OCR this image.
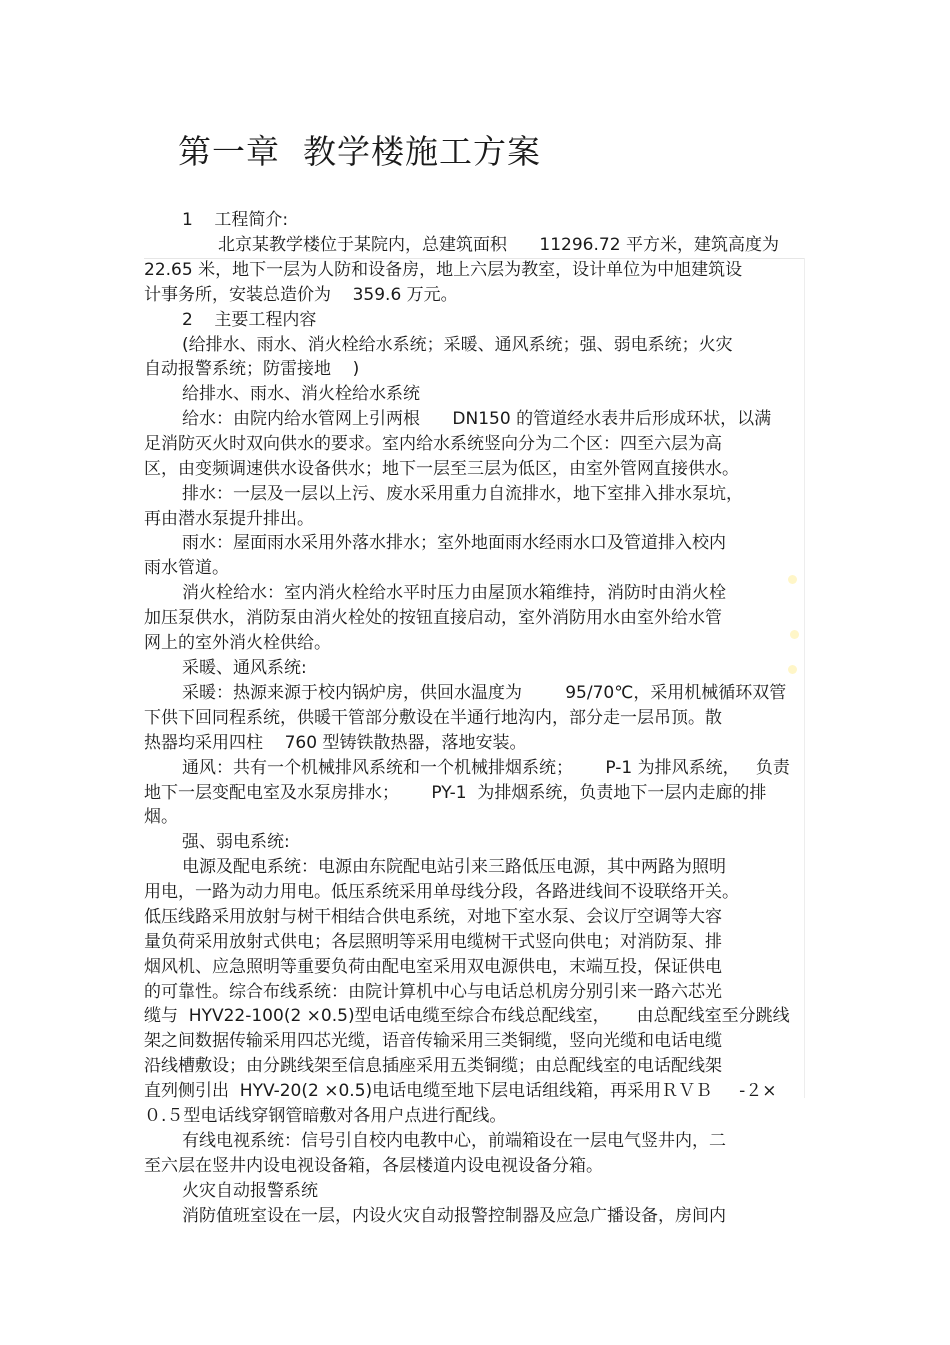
第一章  教学楼施工方案
1    工程简介:
北京某教学楼位于某院内，总建筑面积      11296.72 平方米，建筑高度为
22.65 米，地下一层为人防和设备房，地上六层为教室，设计单位为中旭建筑设
计事务所，安装总造价为    359.6 万元。
2    主要工程内容
(给排水、雨水、消火栓给水系统；采暖、通风系统；强、弱电系统；火灾
自动报警系统；防雷接地    )
给排水、雨水、消火栓给水系统
给水：由院内给水管网上引两根      DN150 的管道经水表井后形成环状，以满
足消防灭火时双向供水的要求。室内给水系统竖向分为二个区：四至六层为高
区，由变频调速供水设备供水；地下一层至三层为低区，由室外管网直接供水。
排水：一层及一层以上污、废水采用重力自流排水，地下室排入排水泵坑，
再由潜水泵提升排出。
雨水：屋面雨水采用外落水排水；室外地面雨水经雨水口及管道排入校内
雨水管道。
消火栓给水：室内消火栓给水平时压力由屋顶水箱维持，消防时由消火栓
加压泵供水，消防泵由消火栓处的按钮直接启动，室外消防用水由室外给水管
网上的室外消火栓供给。
采暖、通风系统:
采暖：热源来源于校内锅炉房，供回水温度为        95/70℃，采用机械循环双管
下供下回同程系统，供暖干管部分敷设在半通行地沟内，部分走一层吊顶。散
热器均采用四柱    760 型铸铁散热器，落地安装。
通风：共有一个机械排风系统和一个机械排烟系统；      P-1 为排风系统，   负责
地下一层变配电室及水泵房排水；      PY-1  为排烟系统，负责地下一层内走廊的排
烟。
强、弱电系统:
电源及配电系统：电源由东院配电站引来三路低压电源，其中两路为照明
用电，一路为动力用电。低压系统采用单母线分段，各路进线间不设联络开关。
低压线路采用放射与树干相结合供电系统，对地下室水泵、会议厅空调等大容
量负荷采用放射式供电；各层照明等采用电缆树干式竖向供电；对消防泵、排
烟风机、应急照明等重要负荷由配电室采用双电源供电，末端互投，保证供电
的可靠性。综合布线系统：由院计算机中心与电话总机房分别引来一路六芯光
缆与  HYV22-100(2 ×0.5)型电话电缆至综合布线总配线室，     由总配线室至分跳线
架之间数据传输采用四芯光缆，语音传输采用三类铜缆，竖向光缆和电话电缆
沿线槽敷设；由分跳线架至信息插座采用五类铜缆；由总配线室的电话配线架
直列侧引出  HYV-20(2 ×0.5)电话电缆至地下层电话组线箱，再采用ＲＶＢ     -２×
０.５型电话线穿钢管暗敷对各用户点进行配线。
有线电视系统：信号引自校内电教中心，前端箱设在一层电气竖井内，二
至六层在竖井内设电视设备箱，各层楼道内设电视设备分箱。
火灾自动报警系统
消防值班室设在一层，内设火灾自动报警控制器及应急广播设备，房间内
